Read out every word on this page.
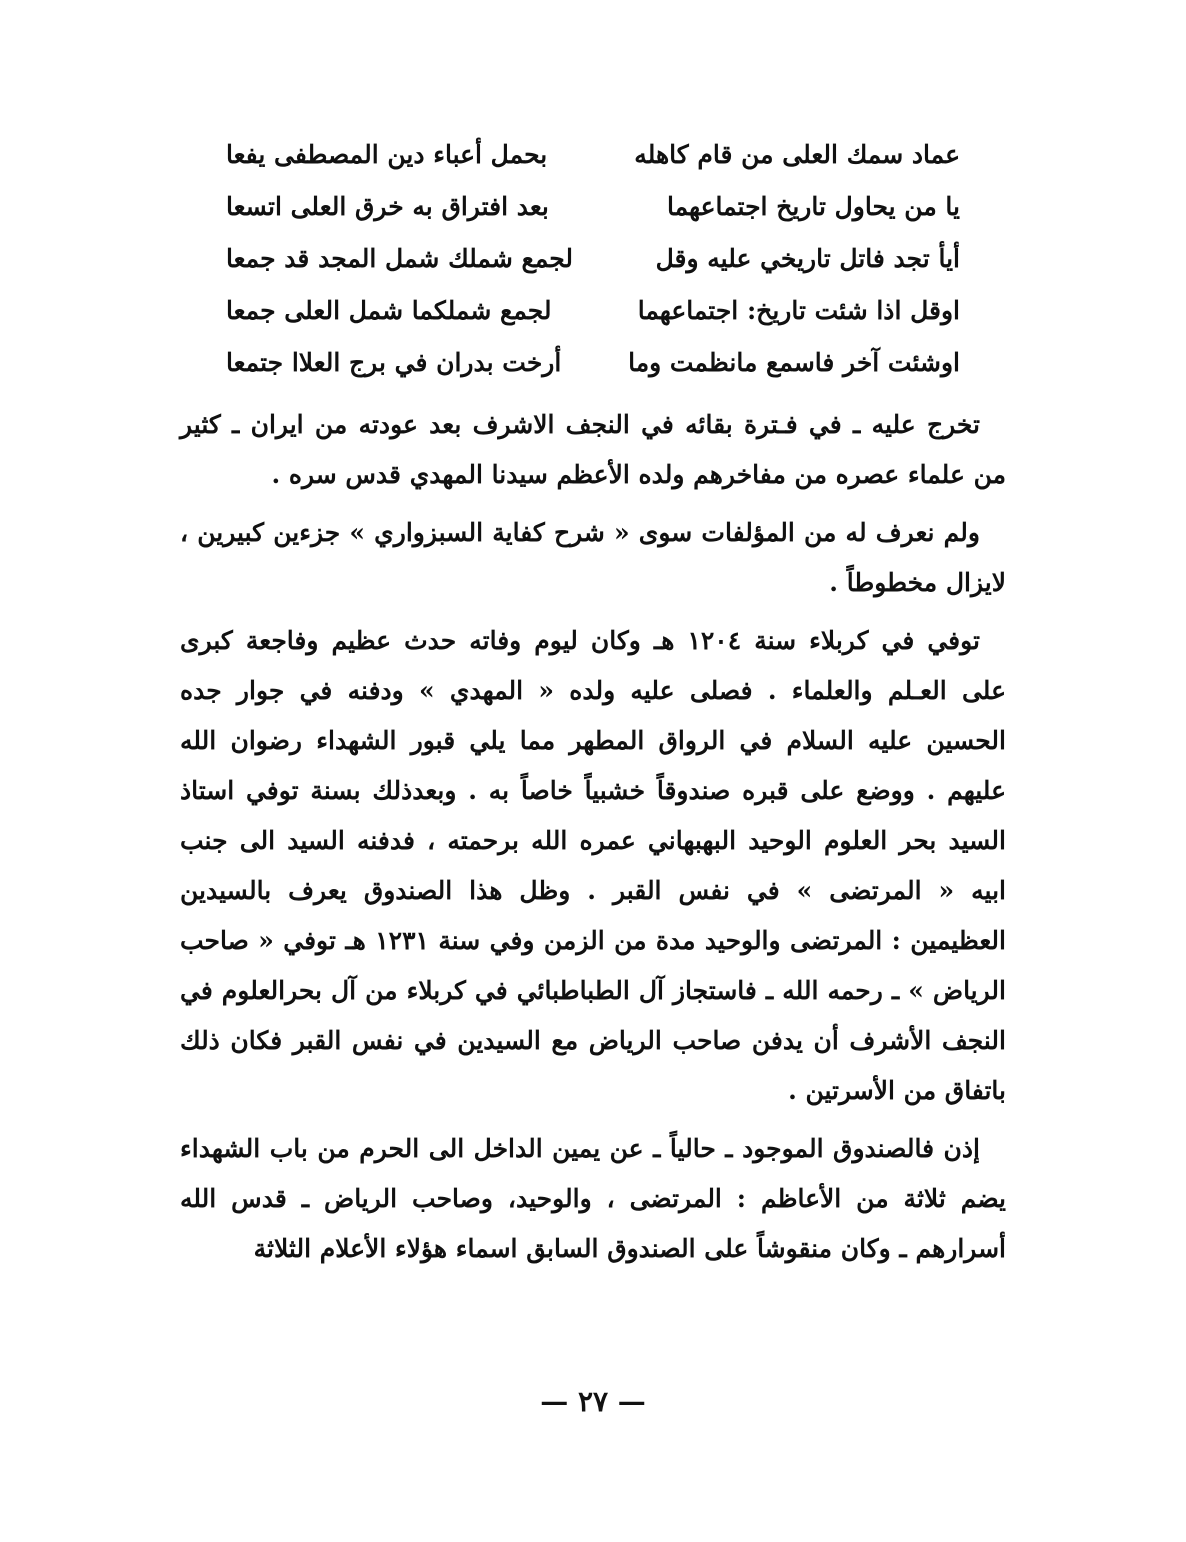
عماد سمك العلى من قام كاهله
بحمل أعباء دين المصطفى يفعا
يا من يحاول تاريخ اجتماعهما
بعد افتراق به خرق العلى اتسعا
أيأ تجد فاتل تاريخي عليه وقل
لجمع شملك شمل المجد قد جمعا
اوقل اذا شئت تاريخ: اجتماعهما
لجمع شملكما شمل العلى جمعا
اوشئت آخر فاسمع مانظمت وما
أرخت بدران في برج العلاا جتمعا

تخرج عليه ـ في فـترة بقائه في النجف الاشرف بعد عودته من ايران ـ كثير من علماء عصره من مفاخرهم ولده الأعظم سيدنا المهدي قدس سره .

ولم نعرف له من المؤلفات سوى « شرح كفاية السبزواري » جزءين كبيرين ، لايزال مخطوطاً .

توفي في كربلاء سنة ١٢٠٤ هـ وكان ليوم وفاته حدث عظيم وفاجعة كبرى على العـلم والعلماء . فصلى عليه ولده « المهدي » ودفنه في جوار جده الحسين عليه السلام في الرواق المطهر مما يلي قبور الشهداء رضوان الله عليهم . ووضع على قبره صندوقاً خشبياً خاصاً به . وبعدذلك بسنة توفي استاذ السيد بحر العلوم الوحيد البهبهاني عمره الله برحمته ، فدفنه السيد الى جنب ابيه « المرتضى » في نفس القبر . وظل هذا الصندوق يعرف بالسيدين العظيمين : المرتضى والوحيد مدة من الزمن وفي سنة ١٢٣١ هـ توفي « صاحب الرياض » ـ رحمه الله ـ فاستجاز آل الطباطبائي في كربلاء من آل بحرالعلوم في النجف الأشرف أن يدفن صاحب الرياض مع السيدين في نفس القبر فكان ذلك باتفاق من الأسرتين .

إذن فالصندوق الموجود ـ حالياً ـ عن يمين الداخل الى الحرم من باب الشهداء يضم ثلاثة من الأعاظم : المرتضى ، والوحيد، وصاحب الرياض ـ قدس الله أسرارهم ـ وكان منقوشاً على الصندوق السابق اسماء هؤلاء الأعلام الثلاثة

— ٢٧ —
